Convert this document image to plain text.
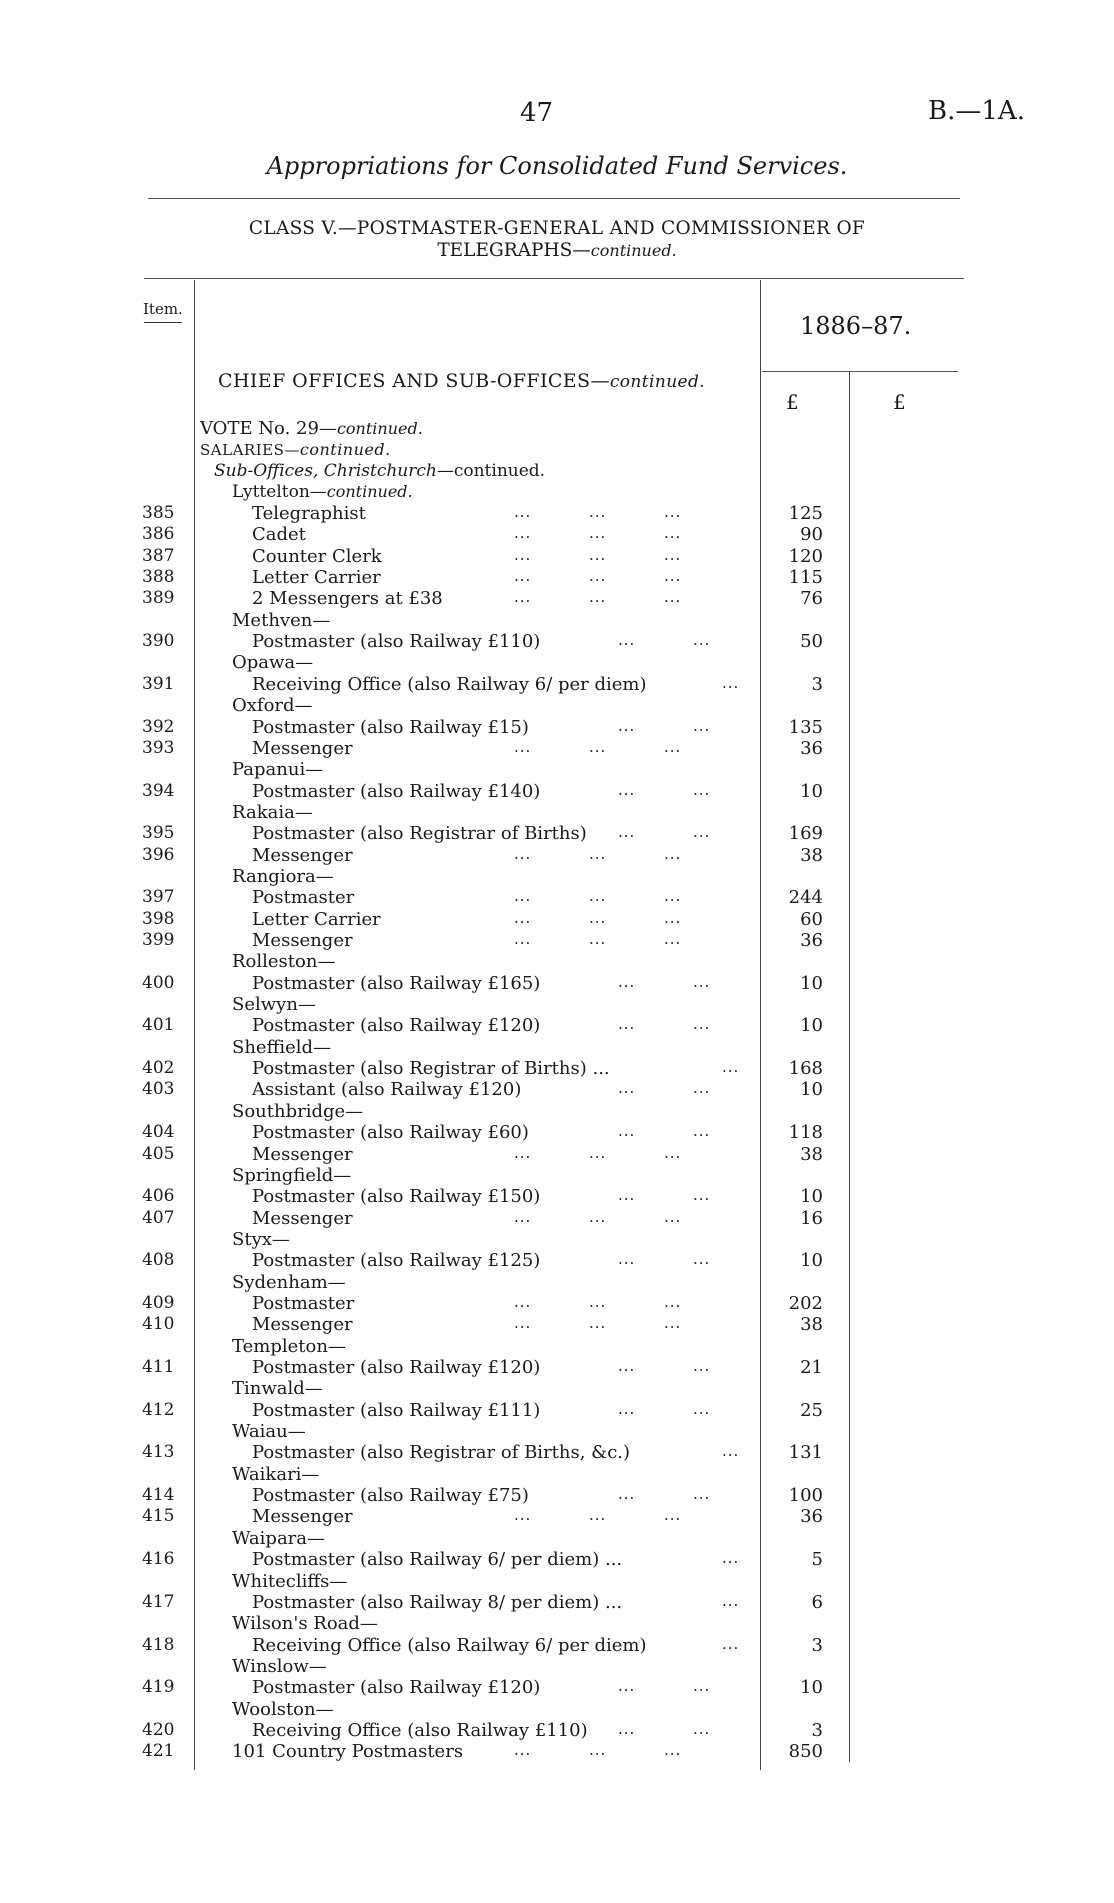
47	B.—1A.
Appropriations for Consolidated Fund Services.
CLASS V.—POSTMASTER-GENERAL AND COMMISSIONER OF
TELEGRAPHS—continued.
Item.
1886–87.
£	£
CHIEF OFFICES AND SUB-OFFICES—continued.
VOTE No. 29—continued.
SALARIES—continued.
Sub-Offices, Christchurch—continued.
Lyttelton—continued.
385	Telegraphist	...          ...          ...	125
386	Cadet	...          ...          ...	90
387	Counter Clerk	...          ...          ...	120
388	Letter Carrier	...          ...          ...	115
389	2 Messengers at £38	...          ...          ...	76
Methven—
390	Postmaster (also Railway £110)	...          ...	50
Opawa—
391	Receiving Office (also Railway 6/ per diem)	...	3
Oxford—
392	Postmaster (also Railway £15)	...          ...	135
393	Messenger	...          ...          ...	36
Papanui—
394	Postmaster (also Railway £140)	...          ...	10
Rakaia—
395	Postmaster (also Registrar of Births) ...          ...	169
396	Messenger	...          ...          ...	38
Rangiora—
397	Postmaster	...          ...          ...	244
398	Letter Carrier	...          ...          ...	60
399	Messenger	...          ...          ...	36
Rolleston—
400	Postmaster (also Railway £165)	...          ...	10
Selwyn—
401	Postmaster (also Railway £120)	...          ...	10
Sheffield—
402	Postmaster (also Registrar of Births) ...	...	168
403	Assistant (also Railway £120)	...          ...	10
Southbridge—
404	Postmaster (also Railway £60)	...          ...	118
405	Messenger	...          ...          ...	38
Springfield—
406	Postmaster (also Railway £150)	...          ...	10
407	Messenger	...          ...          ...	16
Styx—
408	Postmaster (also Railway £125)	...          ...	10
Sydenham—
409	Postmaster	...          ...          ...	202
410	Messenger	...          ...          ...	38
Templeton—
411	Postmaster (also Railway £120)	...          ...	21
Tinwald—
412	Postmaster (also Railway £111)	...          ...	25
Waiau—
413	Postmaster (also Registrar of Births, &c.)	...	131
Waikari—
414	Postmaster (also Railway £75)	...          ...	100
415	Messenger	...          ...          ...	36
Waipara—
416	Postmaster (also Railway 6/ per diem) ...	...	5
Whitecliffs—
417	Postmaster (also Railway 8/ per diem) ...	...	6
Wilson's Road—
418	Receiving Office (also Railway 6/ per diem)	...	3
Winslow—
419	Postmaster (also Railway £120)	...          ...	10
Woolston—
420	Receiving Office (also Railway £110) ...          ...	3
421	101 Country Postmasters	...          ...          ...	850
